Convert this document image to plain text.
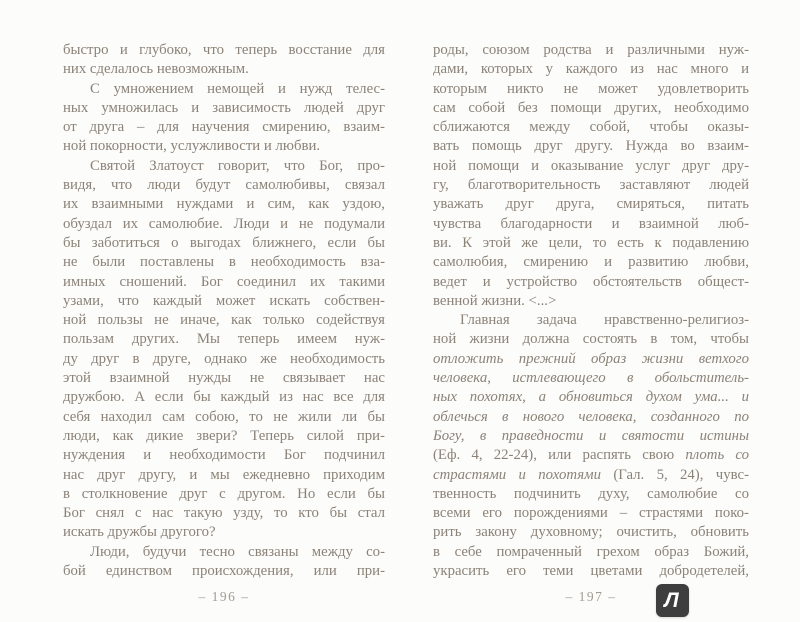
быстро и глубоко, что теперь восстание для
них сделалось невозможным.
С умножением немощей и нужд телес-
ных умножилась и зависимость людей друг
от друга – для научения смирению, взаим-
ной покорности, услужливости и любви.
Святой Златоуст говорит, что Бог, про-
видя, что люди будут самолюбивы, связал
их взаимными нуждами и сим, как уздою,
обуздал их самолюбие. Люди и не подумали
бы заботиться о выгодах ближнего, если бы
не были поставлены в необходимость вза-
имных сношений. Бог соединил их такими
узами, что каждый может искать собствен-
ной пользы не иначе, как только содействуя
пользам других. Мы теперь имеем нуж-
ду друг в друге, однако же необходимость
этой взаимной нужды не связывает нас
дружбою. А если бы каждый из нас все для
себя находил сам собою, то не жили ли бы
люди, как дикие звери? Теперь силой при-
нуждения и необходимости Бог подчинил
нас друг другу, и мы ежедневно приходим
в столкновение друг с другом. Но если бы
Бог снял с нас такую узду, то кто бы стал
искать дружбы другого?
Люди, будучи тесно связаны между со-
бой единством происхождения, или при-
– 196 –
роды, союзом родства и различными нуж-
дами, которых у каждого из нас много и
которым никто не может удовлетворить
сам собой без помощи других, необходимо
сближаются между собой, чтобы оказы-
вать помощь друг другу. Нужда во взаим-
ной помощи и оказывание услуг друг дру-
гу, благотворительность заставляют людей
уважать друг друга, смиряться, питать
чувства благодарности и взаимной люб-
ви. К этой же цели, то есть к подавлению
самолюбия, смирению и развитию любви,
ведет и устройство обстоятельств общест-
венной жизни. <...>
Главная задача нравственно-религиоз-
ной жизни должна состоять в том, чтобы
отложить прежний образ жизни ветхого
человека, истлевающего в обольститель-
ных похотях, а обновиться духом ума... и
облечься в нового человека, созданного по
Богу, в праведности и святости истины
(Еф. 4, 22-24), или распять свою плоть со
страстями и похотями (Гал. 5, 24), чувс-
твенность подчинить духу, самолюбие со
всеми его порождениями – страстями поко-
рить закону духовному; очистить, обновить
в себе помраченный грехом образ Божий,
украсить его теми цветами добродетелей,
– 197 –	Л
